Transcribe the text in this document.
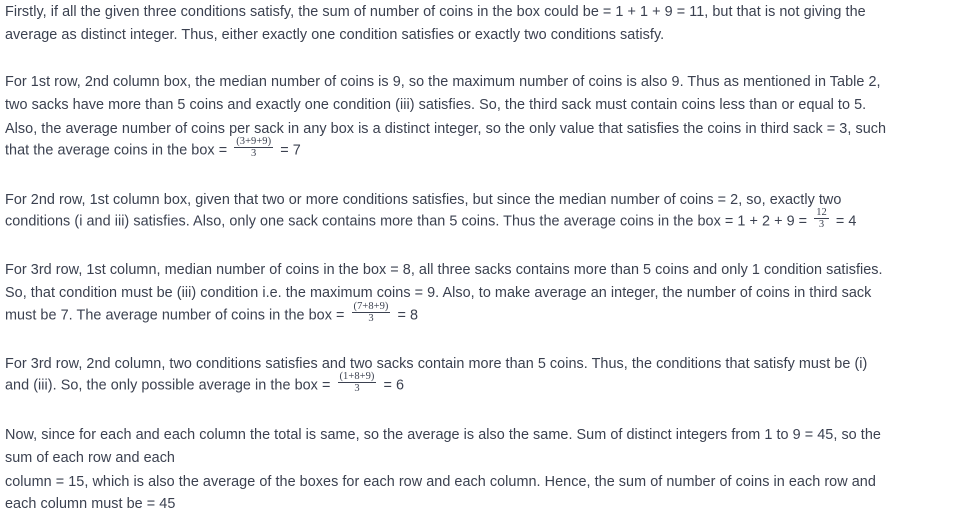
Firstly, if all the given three conditions satisfy, the sum of number of coins in the box could be = 1 + 1 + 9 = 11, but that is not giving the
average as distinct integer. Thus, either exactly one condition satisfies or exactly two conditions satisfy.
For 1st row, 2nd column box, the median number of coins is 9, so the maximum number of coins is also 9. Thus as mentioned in Table 2,
two sacks have more than 5 coins and exactly one condition (iii) satisfies. So, the third sack must contain coins less than or equal to 5.
Also, the average number of coins per sack in any box is a distinct integer, so the only value that satisfies the coins in third sack = 3, such
that the average coins in the box = $\frac{(3+9+9)}{3} = 7$
For 2nd row, 1st column box, given that two or more conditions satisfies, but since the median number of coins = 2, so, exactly two
conditions (i and iii) satisfies. Also, only one sack contains more than 5 coins. Thus the average coins in the box = $1 + 2 + 9 = \frac{12}{3} = 4$
For 3rd row, 1st column, median number of coins in the box = 8, all three sacks contains more than 5 coins and only 1 condition satisfies.
So, that condition must be (iii) condition i.e. the maximum coins = 9. Also, to make average an integer, the number of coins in third sack
must be 7. The average number of coins in the box = $\frac{(7+8+9)}{3} = 8$
For 3rd row, 2nd column, two conditions satisfies and two sacks contain more than 5 coins. Thus, the conditions that satisfy must be (i)
and (iii). So, the only possible average in the box = $\frac{(1+8+9)}{3} = 6$
Now, since for each and each column the total is same, so the average is also the same. Sum of distinct integers from 1 to 9 = 45, so the
sum of each row and each
column = 15, which is also the average of the boxes for each row and each column. Hence, the sum of number of coins in each row and
each column must be = 45
